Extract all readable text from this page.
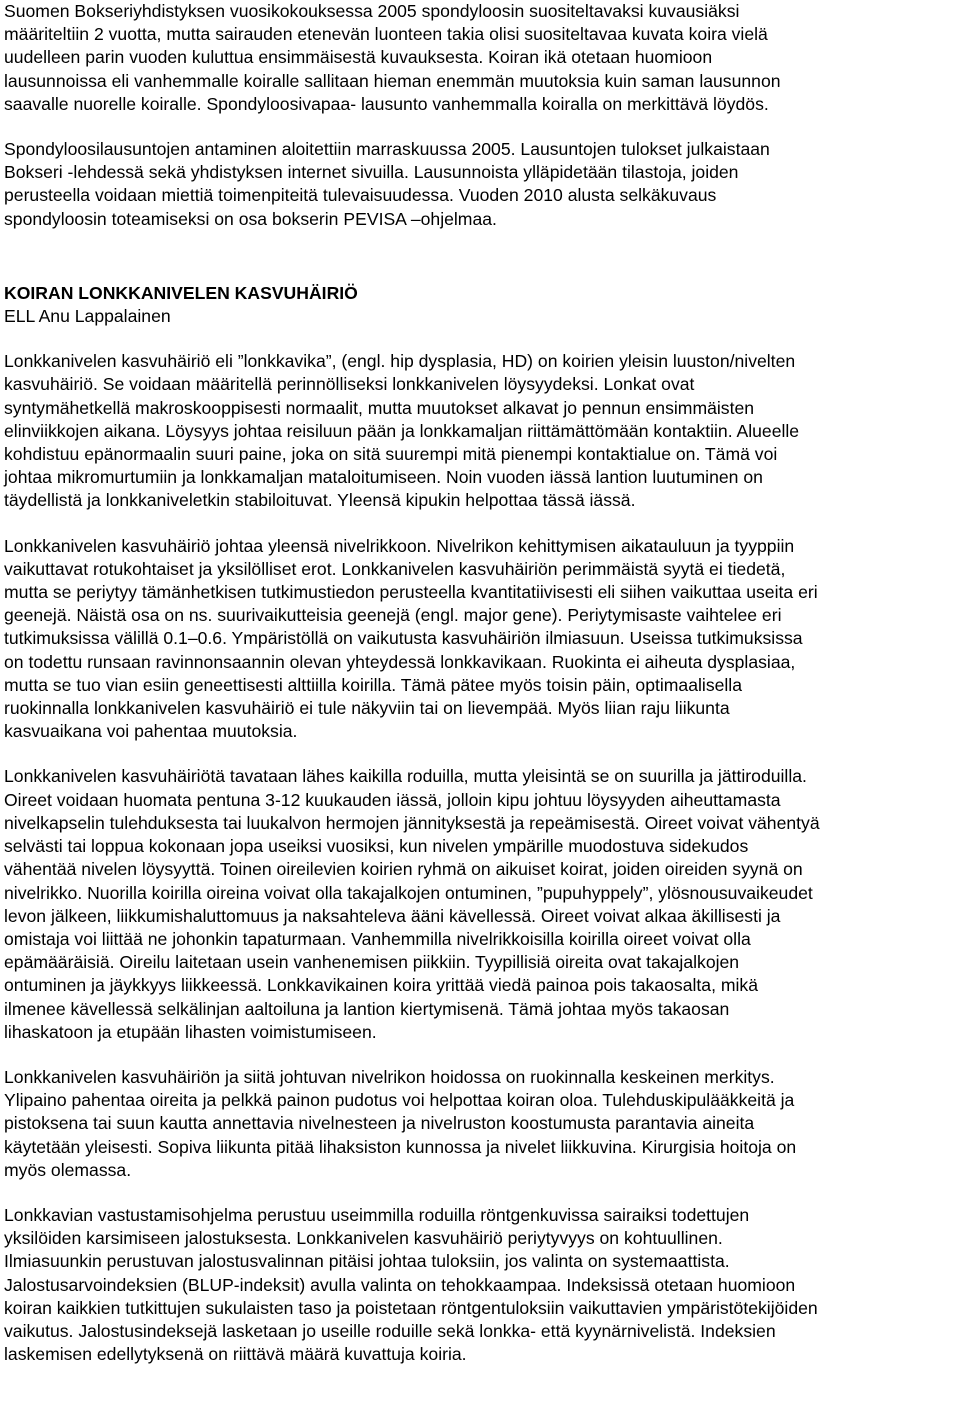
Suomen Bokseriyhdistyksen vuosikokouksessa 2005 spondyloosin suositeltavaksi kuvausiäksi
määriteltiin 2 vuotta, mutta sairauden etenevän luonteen takia olisi suositeltavaa kuvata koira vielä
uudelleen parin vuoden kuluttua ensimmäisestä kuvauksesta. Koiran ikä otetaan huomioon
lausunnoissa eli vanhemmalle koiralle sallitaan hieman enemmän muutoksia kuin saman lausunnon
saavalle nuorelle koiralle. Spondyloosivapaa- lausunto vanhemmalla koiralla on merkittävä löydös.

Spondyloosilausuntojen antaminen aloitettiin marraskuussa 2005. Lausuntojen tulokset julkaistaan
Bokseri -lehdessä sekä yhdistyksen internet sivuilla. Lausunnoista ylläpidetään tilastoja, joiden
perusteella voidaan miettiä toimenpiteitä tulevaisuudessa. Vuoden 2010 alusta selkäkuvaus
spondyloosin toteamiseksi on osa bokserin PEVISA –ohjelmaa.

KOIRAN LONKKANIVELEN KASVUHÄIRIÖ

ELL Anu Lappalainen

Lonkkanivelen kasvuhäiriö eli ”lonkkavika”, (engl. hip dysplasia, HD) on koirien yleisin luuston/nivelten
kasvuhäiriö. Se voidaan määritellä perinnölliseksi lonkkanivelen löysyydeksi. Lonkat ovat
syntymähetkellä makroskooppisesti normaalit, mutta muutokset alkavat jo pennun ensimmäisten
elinviikkojen aikana. Löysyys johtaa reisiluun pään ja lonkkamaljan riittämättömään kontaktiin. Alueelle
kohdistuu epänormaalin suuri paine, joka on sitä suurempi mitä pienempi kontaktialue on. Tämä voi
johtaa mikromurtumiin ja lonkkamaljan mataloitumiseen. Noin vuoden iässä lantion luutuminen on
täydellistä ja lonkkaniveletkin stabiloituvat. Yleensä kipukin helpottaa tässä iässä.

Lonkkanivelen kasvuhäiriö johtaa yleensä nivelrikkoon. Nivelrikon kehittymisen aikatauluun ja tyyppiin
vaikuttavat rotukohtaiset ja yksilölliset erot. Lonkkanivelen kasvuhäiriön perimmäistä syytä ei tiedetä,
mutta se periytyy tämänhetkisen tutkimustiedon perusteella kvantitatiivisesti eli siihen vaikuttaa useita eri
geenejä. Näistä osa on ns. suurivaikutteisia geenejä (engl. major gene). Periytymisaste vaihtelee eri
tutkimuksissa välillä 0.1–0.6. Ympäristöllä on vaikutusta kasvuhäiriön ilmiasuun. Useissa tutkimuksissa
on todettu runsaan ravinnonsaannin olevan yhteydessä lonkkavikaan. Ruokinta ei aiheuta dysplasiaa,
mutta se tuo vian esiin geneettisesti alttiilla koirilla. Tämä pätee myös toisin päin, optimaalisella
ruokinnalla lonkkanivelen kasvuhäiriö ei tule näkyviin tai on lievempää. Myös liian raju liikunta
kasvuaikana voi pahentaa muutoksia.

Lonkkanivelen kasvuhäiriötä tavataan lähes kaikilla roduilla, mutta yleisintä se on suurilla ja jättiroduilla.
Oireet voidaan huomata pentuna 3-12 kuukauden iässä, jolloin kipu johtuu löysyyden aiheuttamasta
nivelkapselin tulehduksesta tai luukalvon hermojen jännityksestä ja repeämisestä. Oireet voivat vähentyä
selvästi tai loppua kokonaan jopa useiksi vuosiksi, kun nivelen ympärille muodostuva sidekudos
vähentää nivelen löysyyttä. Toinen oireilevien koirien ryhmä on aikuiset koirat, joiden oireiden syynä on
nivelrikko. Nuorilla koirilla oireina voivat olla takajalkojen ontuminen, ”pupuhyppely”, ylösnousuvaikeudet
levon jälkeen, liikkumishaluttomuus ja naksahteleva ääni kävellessä. Oireet voivat alkaa äkillisesti ja
omistaja voi liittää ne johonkin tapaturmaan. Vanhemmilla nivelrikkoisilla koirilla oireet voivat olla
epämääräisiä. Oireilu laitetaan usein vanhenemisen piikkiin. Tyypillisiä oireita ovat takajalkojen
ontuminen ja jäykkyys liikkeessä. Lonkkavikainen koira yrittää viedä painoa pois takaosalta, mikä
ilmenee kävellessä selkälinjan aaltoiluna ja lantion kiertymisenä. Tämä johtaa myös takaosan
lihaskatoon ja etupään lihasten voimistumiseen.

Lonkkanivelen kasvuhäiriön ja siitä johtuvan nivelrikon hoidossa on ruokinnalla keskeinen merkitys.
Ylipaino pahentaa oireita ja pelkkä painon pudotus voi helpottaa koiran oloa. Tulehduskipulääkkeitä ja
pistoksena tai suun kautta annettavia nivelnesteen ja nivelruston koostumusta parantavia aineita
käytetään yleisesti. Sopiva liikunta pitää lihaksiston kunnossa ja nivelet liikkuvina. Kirurgisia hoitoja on
myös olemassa.

Lonkkavian vastustamisohjelma perustuu useimmilla roduilla röntgenkuvissa sairaiksi todettujen
yksilöiden karsimiseen jalostuksesta. Lonkkanivelen kasvuhäiriö periytyvyys on kohtuullinen.
Ilmiasuunkin perustuvan jalostusvalinnan pitäisi johtaa tuloksiin, jos valinta on systemaattista.
Jalostusarvoindeksien (BLUP-indeksit) avulla valinta on tehokkaampaa. Indeksissä otetaan huomioon
koiran kaikkien tutkittujen sukulaisten taso ja poistetaan röntgentuloksiin vaikuttavien ympäristötekijöiden
vaikutus. Jalostusindeksejä lasketaan jo useille roduille sekä lonkka- että kyynärnivelistä. Indeksien
laskemisen edellytyksenä on riittävä määrä kuvattuja koiria.
